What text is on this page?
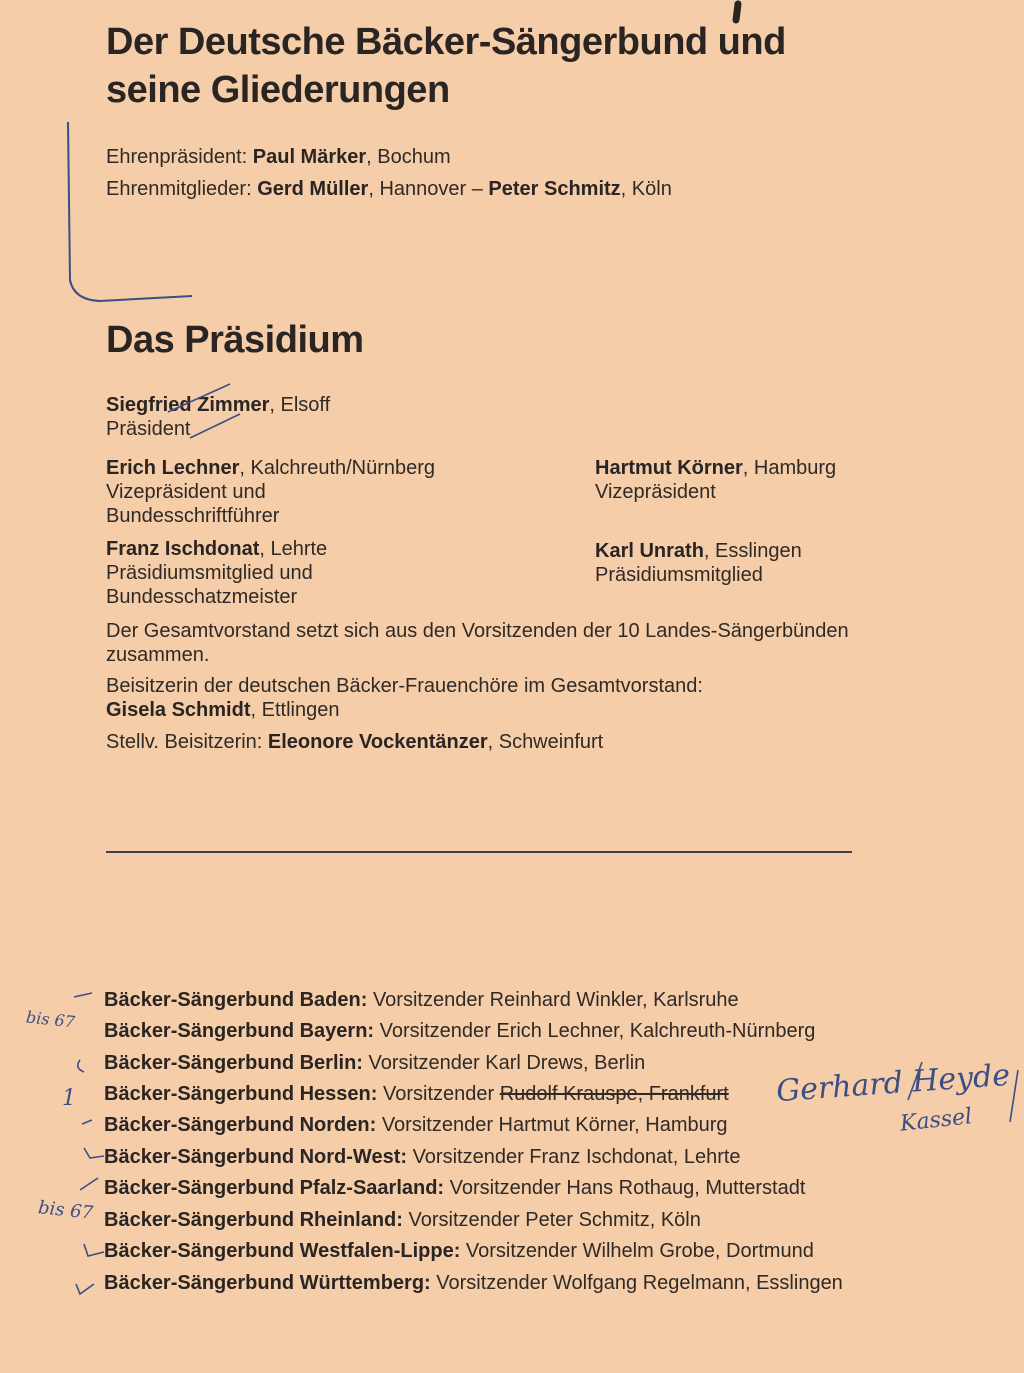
Der Deutsche Bäcker-Sängerbund und
seine Gliederungen
Ehrenpräsident: Paul Märker, Bochum
Ehrenmitglieder: Gerd Müller, Hannover – Peter Schmitz, Köln
Das Präsidium
Siegfried Zimmer, Elsoff
Präsident
Erich Lechner, Kalchreuth/Nürnberg
Vizepräsident und
Bundesschriftführer
Hartmut Körner, Hamburg
Vizepräsident
Franz Ischdonat, Lehrte
Präsidiumsmitglied und
Bundesschatzmeister
Karl Unrath, Esslingen
Präsidiumsmitglied
Der Gesamtvorstand setzt sich aus den Vorsitzenden der 10 Landes-Sängerbünden
zusammen.
Beisitzerin der deutschen Bäcker-Frauenchöre im Gesamtvorstand:
Gisela Schmidt, Ettlingen
Stellv. Beisitzerin: Eleonore Vockentänzer, Schweinfurt
Bäcker-Sängerbund Baden: Vorsitzender Reinhard Winkler, Karlsruhe
Bäcker-Sängerbund Bayern: Vorsitzender Erich Lechner, Kalchreuth-Nürnberg
Bäcker-Sängerbund Berlin: Vorsitzender Karl Drews, Berlin
Bäcker-Sängerbund Hessen: Vorsitzender Rudolf Krauspe, Frankfurt
Bäcker-Sängerbund Norden: Vorsitzender Hartmut Körner, Hamburg
Bäcker-Sängerbund Nord-West: Vorsitzender Franz Ischdonat, Lehrte
Bäcker-Sängerbund Pfalz-Saarland: Vorsitzender Hans Rothaug, Mutterstadt
Bäcker-Sängerbund Rheinland: Vorsitzender Peter Schmitz, Köln
Bäcker-Sängerbund Westfalen-Lippe: Vorsitzender Wilhelm Grobe, Dortmund
Bäcker-Sängerbund Württemberg: Vorsitzender Wolfgang Regelmann, Esslingen
Gerhard Heyde
Kassel
bis 67
bis 67
1
